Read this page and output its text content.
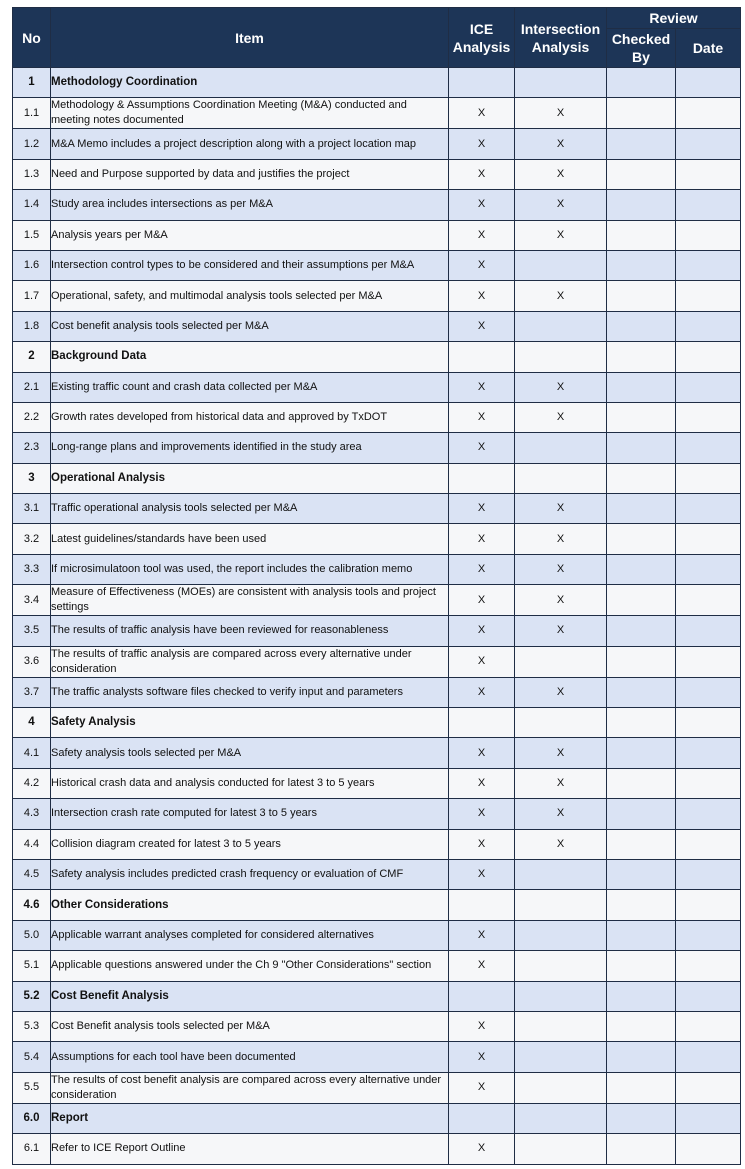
No	Item	ICE Analysis	Intersection Analysis	Review	
				Checked By	Date
1	Methodology Coordination				
1.1	Methodology & Assumptions Coordination Meeting (M&A) conducted and meeting notes documented	X	X		
1.2	M&A Memo includes a project description along with a project location map	X	X		
1.3	Need and Purpose supported by data and justifies the project	X	X		
1.4	Study area includes intersections as per M&A	X	X		
1.5	Analysis years per M&A	X	X		
1.6	Intersection control types to be considered and their assumptions per M&A	X			
1.7	Operational, safety, and multimodal analysis tools selected per M&A	X	X		
1.8	Cost benefit analysis tools selected per M&A	X			
2	Background Data				
2.1	Existing traffic count and crash data collected per M&A	X	X		
2.2	Growth rates developed from historical data and approved by TxDOT	X	X		
2.3	Long-range plans and improvements identified in the study area	X			
3	Operational Analysis				
3.1	Traffic operational analysis tools selected per M&A	X	X		
3.2	Latest guidelines/standards have been used	X	X		
3.3	If microsimulatoon tool was used, the report includes the calibration memo	X	X		
3.4	Measure of Effectiveness (MOEs) are consistent with analysis tools and project settings	X	X		
3.5	The results of traffic analysis have been reviewed for reasonableness	X	X		
3.6	The results of traffic analysis are compared across every alternative under consideration	X			
3.7	The traffic analysts software files checked to verify input and parameters	X	X		
4	Safety Analysis				
4.1	Safety analysis tools selected per M&A	X	X		
4.2	Historical crash data and analysis conducted for latest 3 to 5 years	X	X		
4.3	Intersection crash rate computed for latest 3 to 5 years	X	X		
4.4	Collision diagram created for latest 3 to 5 years	X	X		
4.5	Safety analysis includes predicted crash frequency or evaluation of CMF	X			
4.6	Other Considerations				
5.0	Applicable warrant analyses completed for considered alternatives	X			
5.1	Applicable questions answered under the Ch 9 "Other Considerations" section	X			
5.2	Cost Benefit Analysis				
5.3	Cost Benefit analysis tools selected per M&A	X			
5.4	Assumptions for each tool have been documented	X			
5.5	The results of cost benefit analysis are compared across every alternative under consideration	X			
6.0	Report				
6.1	Refer to ICE Report Outline	X			
